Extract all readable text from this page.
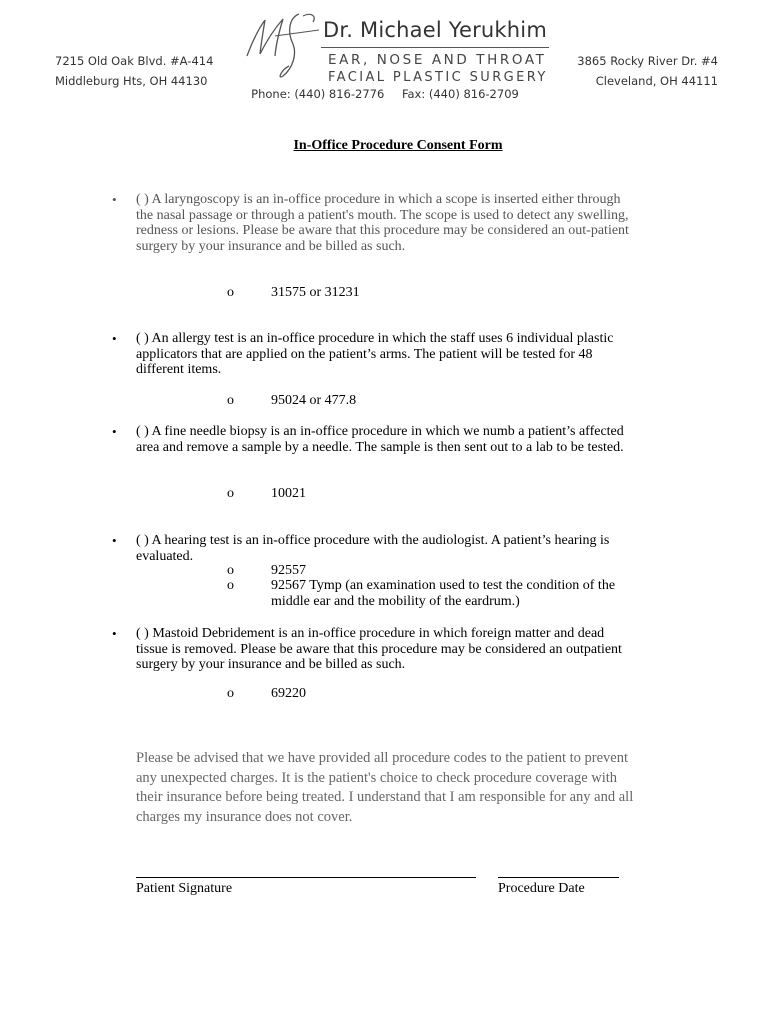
7215 Old Oak Blvd. #A-414
Middleburg Hts, OH 44130
3865 Rocky River Dr. #4
Cleveland, OH 44111
Dr. Michael Yerukhim
EAR, NOSE AND THROAT
FACIAL PLASTIC SURGERY
Phone: (440) 816-2776 Fax: (440) 816-2709
In-Office Procedure Consent Form
• ( ) A laryngoscopy is an in-office procedure in which a scope is inserted either through the nasal passage or through a patient's mouth. The scope is used to detect any swelling, redness or lesions. Please be aware that this procedure may be considered an out-patient surgery by your insurance and be billed as such.
o	31575 or 31231
• ( ) An allergy test is an in-office procedure in which the staff uses 6 individual plastic applicators that are applied on the patient’s arms. The patient will be tested for 48 different items.
o	95024 or 477.8
• ( ) A fine needle biopsy is an in-office procedure in which we numb a patient’s affected area and remove a sample by a needle. The sample is then sent out to a lab to be tested.
o	10021
• ( ) A hearing test is an in-office procedure with the audiologist. A patient’s hearing is evaluated.
o	92557
o	92567 Tymp (an examination used to test the condition of the middle ear and the mobility of the eardrum.)
• ( ) Mastoid Debridement is an in-office procedure in which foreign matter and dead tissue is removed. Please be aware that this procedure may be considered an outpatient surgery by your insurance and be billed as such.
o	69220
Please be advised that we have provided all procedure codes to the patient to prevent any unexpected charges. It is the patient's choice to check procedure coverage with their insurance before being treated. I understand that I am responsible for any and all charges my insurance does not cover.
Patient Signature	Procedure Date
